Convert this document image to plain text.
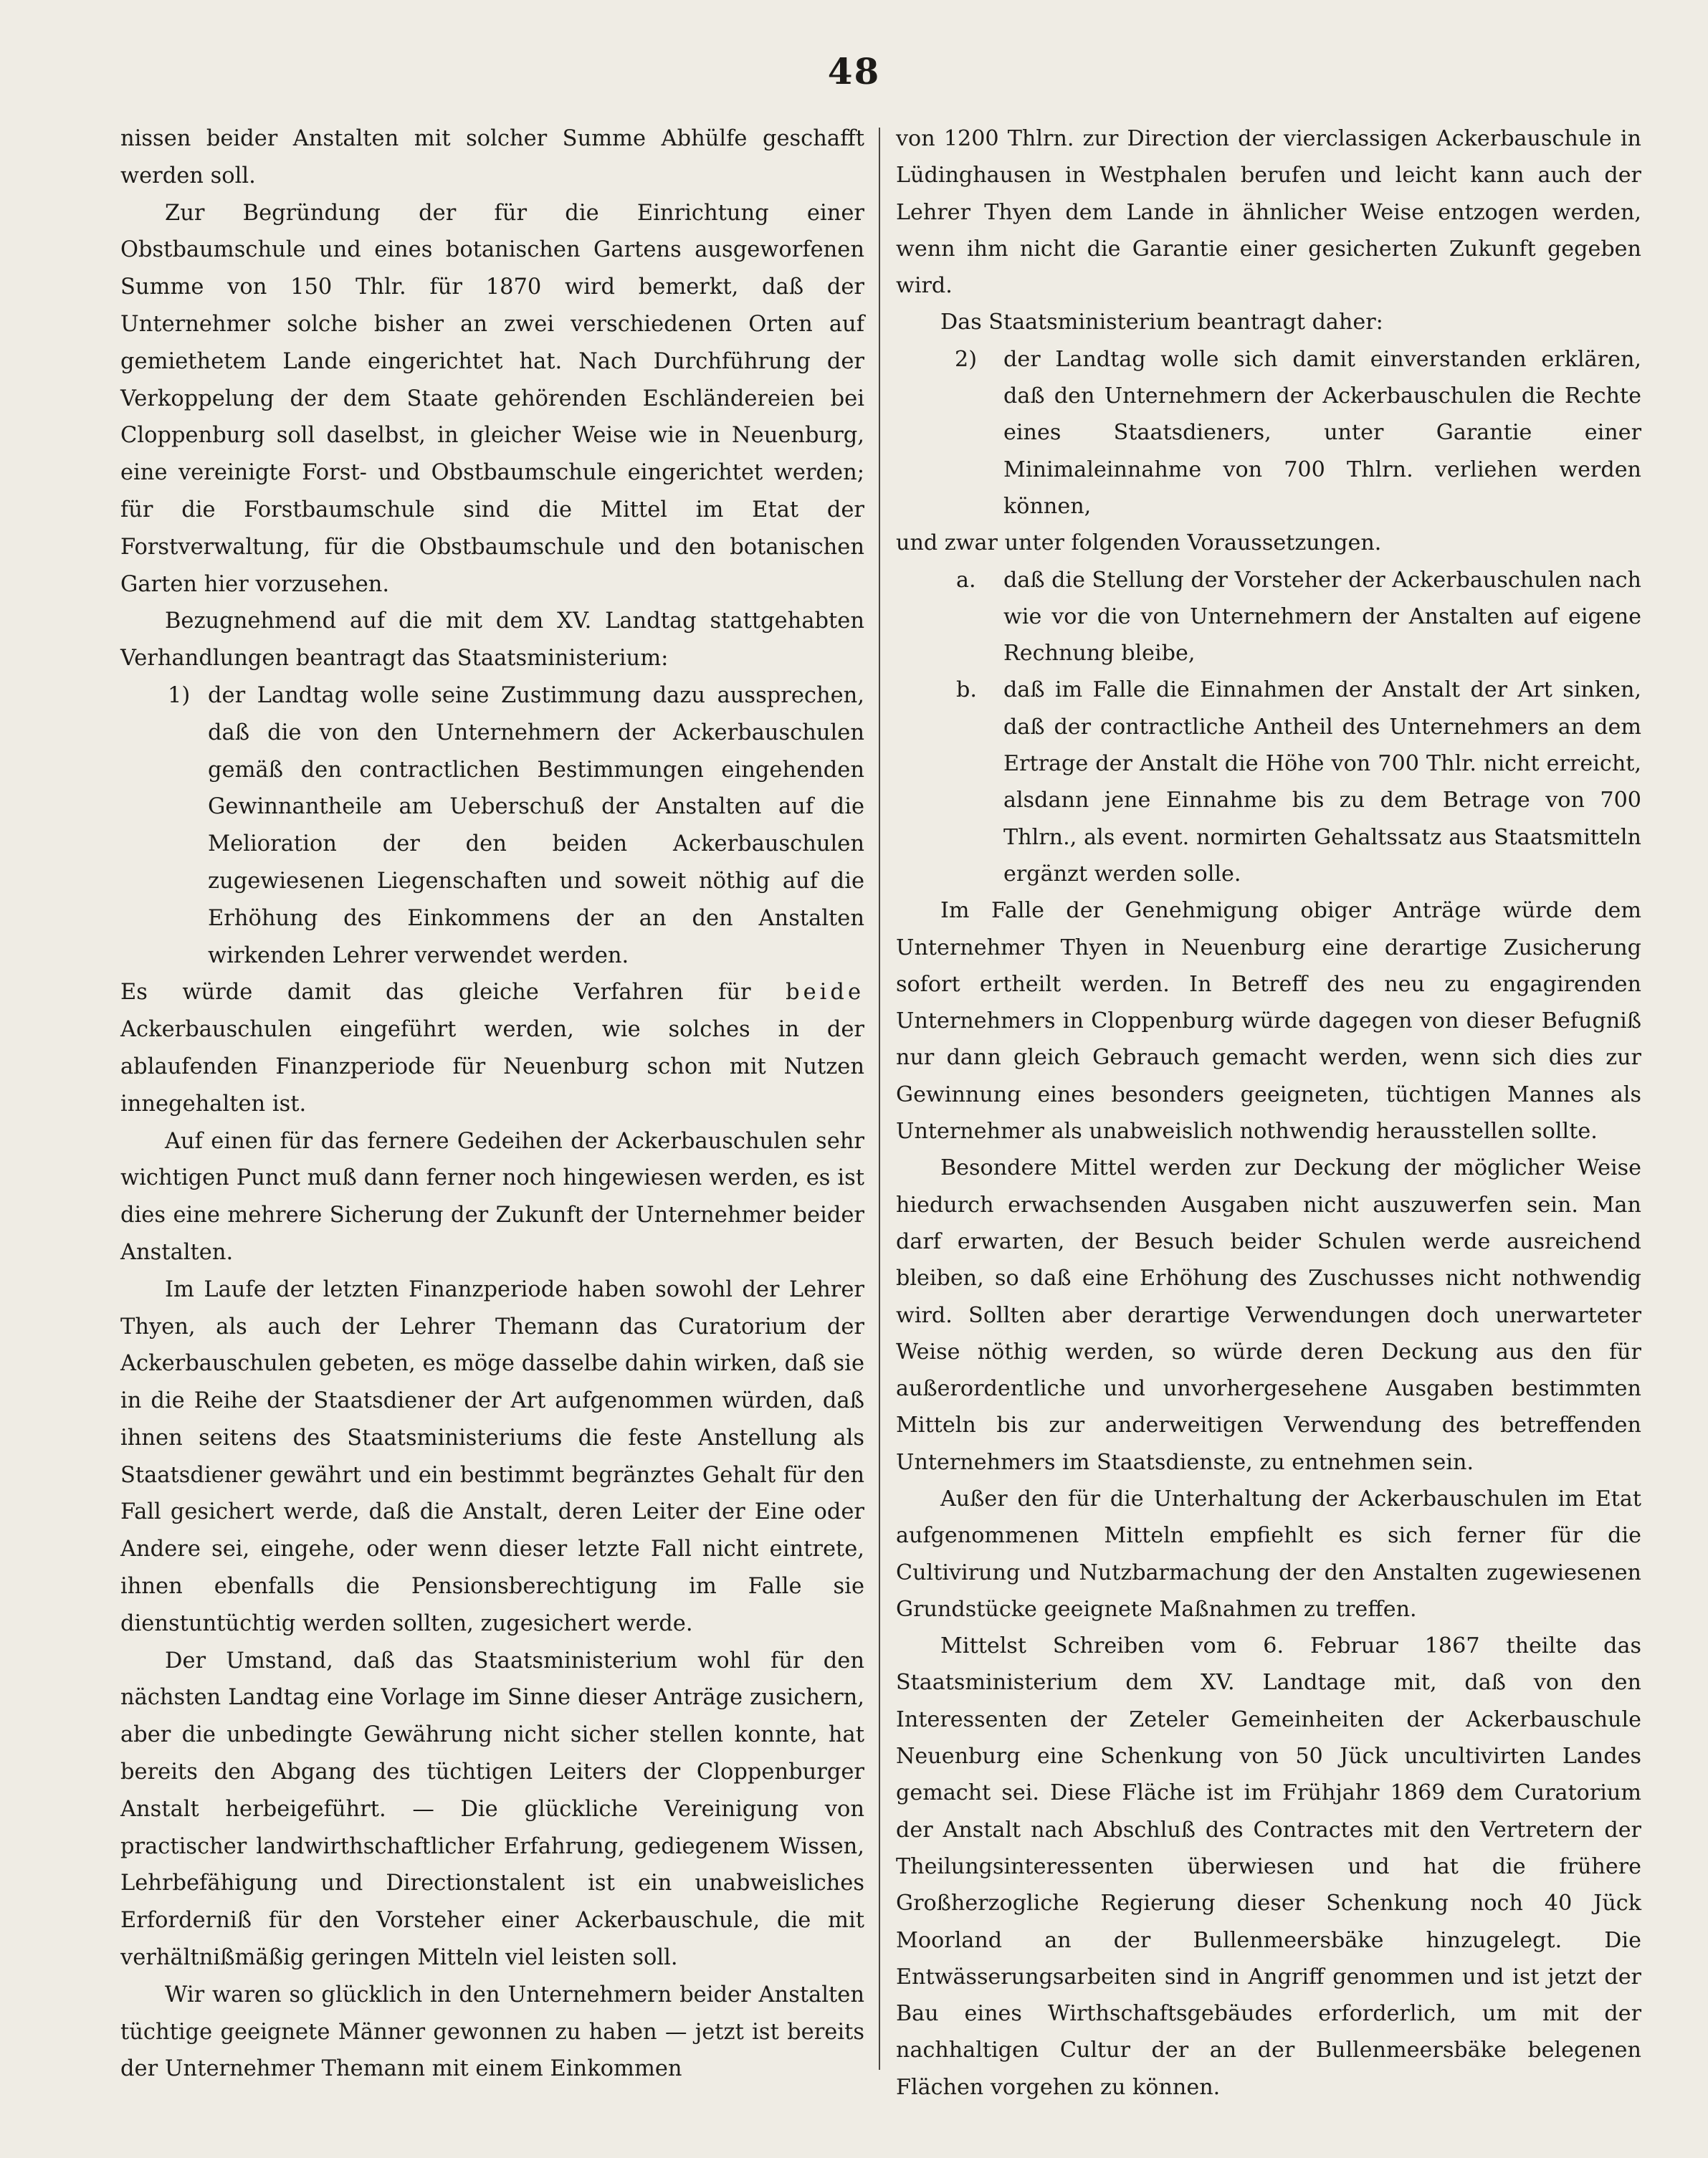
48

nissen beider Anstalten mit solcher Summe Abhülfe geschafft werden soll.

Zur Begründung der für die Einrichtung einer Obstbaumschule und eines botanischen Gartens ausgeworfenen Summe von 150 Thlr. für 1870 wird bemerkt, daß der Unternehmer solche bisher an zwei verschiedenen Orten auf gemiethetem Lande eingerichtet hat. Nach Durchführung der Verkoppelung der dem Staate gehörenden Eschländereien bei Cloppenburg soll daselbst, in gleicher Weise wie in Neuenburg, eine vereinigte Forst- und Obstbaumschule eingerichtet werden; für die Forstbaumschule sind die Mittel im Etat der Forstverwaltung, für die Obstbaumschule und den botanischen Garten hier vorzusehen.

Bezugnehmend auf die mit dem XV. Landtag stattgehabten Verhandlungen beantragt das Staatsministerium:

1) der Landtag wolle seine Zustimmung dazu aussprechen, daß die von den Unternehmern der Ackerbauschulen gemäß den contractlichen Bestimmungen eingehenden Gewinnantheile am Ueberschuß der Anstalten auf die Melioration der den beiden Ackerbauschulen zugewiesenen Liegenschaften und soweit nöthig auf die Erhöhung des Einkommens der an den Anstalten wirkenden Lehrer verwendet werden.

Es würde damit das gleiche Verfahren für beide Ackerbauschulen eingeführt werden, wie solches in der ablaufenden Finanzperiode für Neuenburg schon mit Nutzen innegehalten ist.

Auf einen für das fernere Gedeihen der Ackerbauschulen sehr wichtigen Punct muß dann ferner noch hingewiesen werden, es ist dies eine mehrere Sicherung der Zukunft der Unternehmer beider Anstalten.

Im Laufe der letzten Finanzperiode haben sowohl der Lehrer Thyen, als auch der Lehrer Themann das Curatorium der Ackerbauschulen gebeten, es möge dasselbe dahin wirken, daß sie in die Reihe der Staatsdiener der Art aufgenommen würden, daß ihnen seitens des Staatsministeriums die feste Anstellung als Staatsdiener gewährt und ein bestimmt begränztes Gehalt für den Fall gesichert werde, daß die Anstalt, deren Leiter der Eine oder Andere sei, eingehe, oder wenn dieser letzte Fall nicht eintrete, ihnen ebenfalls die Pensionsberechtigung im Falle sie dienstuntüchtig werden sollten, zugesichert werde.

Der Umstand, daß das Staatsministerium wohl für den nächsten Landtag eine Vorlage im Sinne dieser Anträge zusichern, aber die unbedingte Gewährung nicht sicher stellen konnte, hat bereits den Abgang des tüchtigen Leiters der Cloppenburger Anstalt herbeigeführt. — Die glückliche Vereinigung von practischer landwirthschaftlicher Erfahrung, gediegenem Wissen, Lehrbefähigung und Directionstalent ist ein unabweisliches Erforderniß für den Vorsteher einer Ackerbauschule, die mit verhältnißmäßig geringen Mitteln viel leisten soll.

Wir waren so glücklich in den Unternehmern beider Anstalten tüchtige geeignete Männer gewonnen zu haben — jetzt ist bereits der Unternehmer Themann mit einem Einkommen

von 1200 Thlrn. zur Direction der vierclassigen Ackerbauschule in Lüdinghausen in Westphalen berufen und leicht kann auch der Lehrer Thyen dem Lande in ähnlicher Weise entzogen werden, wenn ihm nicht die Garantie einer gesicherten Zukunft gegeben wird.

Das Staatsministerium beantragt daher:

2)	der Landtag wolle sich damit einverstanden erklären, daß den Unternehmern der Ackerbauschulen die Rechte eines Staatsdieners, unter Garantie einer Minimaleinnahme von 700 Thlrn. verliehen werden können,

und zwar unter folgenden Voraussetzungen.

a.	daß die Stellung der Vorsteher der Ackerbauschulen nach wie vor die von Unternehmern der Anstalten auf eigene Rechnung bleibe,
b.	daß im Falle die Einnahmen der Anstalt der Art sinken, daß der contractliche Antheil des Unternehmers an dem Ertrage der Anstalt die Höhe von 700 Thlr. nicht erreicht, alsdann jene Einnahme bis zu dem Betrage von 700 Thlrn., als event. normirten Gehaltssatz aus Staatsmitteln ergänzt werden solle.

Im Falle der Genehmigung obiger Anträge würde dem Unternehmer Thyen in Neuenburg eine derartige Zusicherung sofort ertheilt werden. In Betreff des neu zu engagirenden Unternehmers in Cloppenburg würde dagegen von dieser Befugniß nur dann gleich Gebrauch gemacht werden, wenn sich dies zur Gewinnung eines besonders geeigneten, tüchtigen Mannes als Unternehmer als unabweislich nothwendig herausstellen sollte.

Besondere Mittel werden zur Deckung der möglicher Weise hiedurch erwachsenden Ausgaben nicht auszuwerfen sein. Man darf erwarten, der Besuch beider Schulen werde ausreichend bleiben, so daß eine Erhöhung des Zuschusses nicht nothwendig wird. Sollten aber derartige Verwendungen doch unerwarteter Weise nöthig werden, so würde deren Deckung aus den für außerordentliche und unvorhergesehene Ausgaben bestimmten Mitteln bis zur anderweitigen Verwendung des betreffenden Unternehmers im Staatsdienste, zu entnehmen sein.

Außer den für die Unterhaltung der Ackerbauschulen im Etat aufgenommenen Mitteln empfiehlt es sich ferner für die Cultivirung und Nutzbarmachung der den Anstalten zugewiesenen Grundstücke geeignete Maßnahmen zu treffen.

Mittelst Schreiben vom 6. Februar 1867 theilte das Staatsministerium dem XV. Landtage mit, daß von den Interessenten der Zeteler Gemeinheiten der Ackerbauschule Neuenburg eine Schenkung von 50 Jück uncultivirten Landes gemacht sei. Diese Fläche ist im Frühjahr 1869 dem Curatorium der Anstalt nach Abschluß des Contractes mit den Vertretern der Theilungsinteressenten überwiesen und hat die frühere Großherzogliche Regierung dieser Schenkung noch 40 Jück Moorland an der Bullenmeersbäke hinzugelegt. Die Entwässerungsarbeiten sind in Angriff genommen und ist jetzt der Bau eines Wirthschaftsgebäudes erforderlich, um mit der nachhaltigen Cultur der an der Bullenmeersbäke belegenen Flächen vorgehen zu können.
